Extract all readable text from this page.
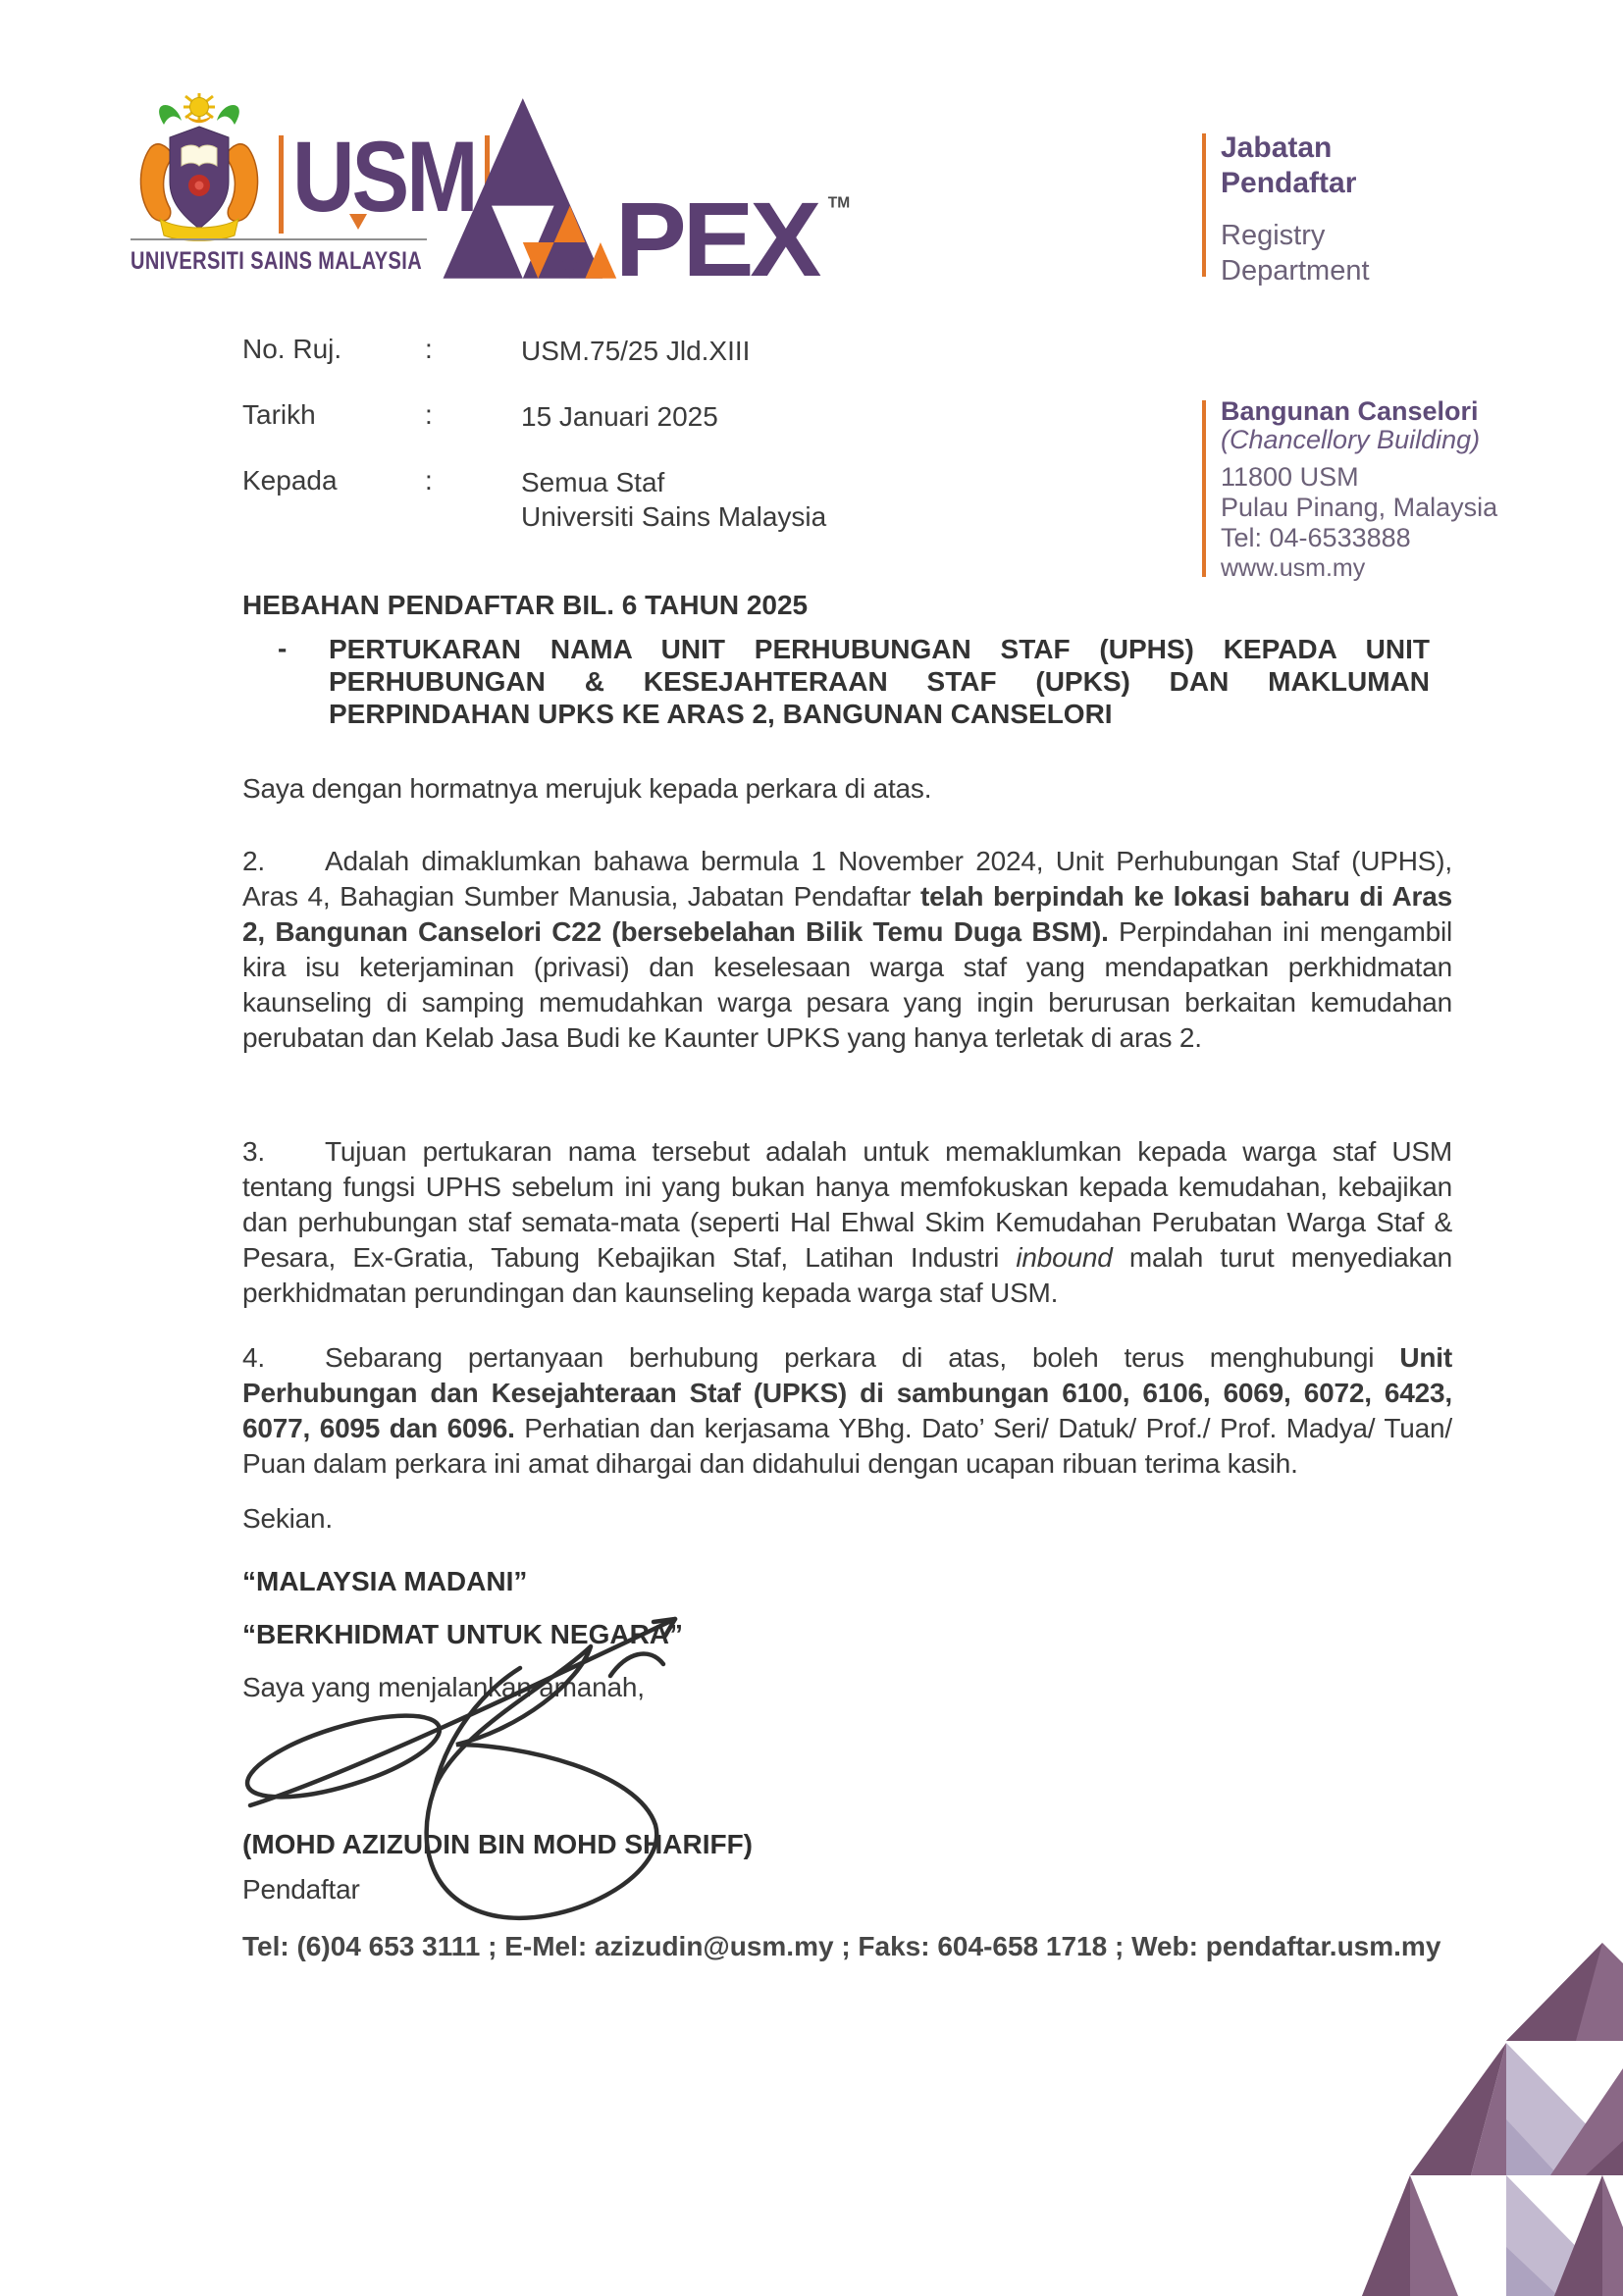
USM
UNIVERSITI SAINS MALAYSIA PEX TM
Jabatan
Pendaftar
Registry
Department
No. Ruj.	:	USM.75/25 Jld.XIII
Tarikh	:	15 Januari 2025
Kepada	:	Semua Staf
Universiti Sains Malaysia
Bangunan Canselori
(Chancellory Building)
11800 USM
Pulau Pinang, Malaysia
Tel: 04-6533888
www.usm.my
HEBAHAN PENDAFTAR BIL. 6 TAHUN 2025
- PERTUKARAN NAMA UNIT PERHUBUNGAN STAF (UPHS) KEPADA UNIT PERHUBUNGAN & KESEJAHTERAAN STAF (UPKS) DAN MAKLUMAN PERPINDAHAN UPKS KE ARAS 2, BANGUNAN CANSELORI
Saya dengan hormatnya merujuk kepada perkara di atas.
2. Adalah dimaklumkan bahawa bermula 1 November 2024, Unit Perhubungan Staf (UPHS), Aras 4, Bahagian Sumber Manusia, Jabatan Pendaftar telah berpindah ke lokasi baharu di Aras 2, Bangunan Canselori C22 (bersebelahan Bilik Temu Duga BSM). Perpindahan ini mengambil kira isu keterjaminan (privasi) dan keselesaan warga staf yang mendapatkan perkhidmatan kaunseling di samping memudahkan warga pesara yang ingin berurusan berkaitan kemudahan perubatan dan Kelab Jasa Budi ke Kaunter UPKS yang hanya terletak di aras 2.
3. Tujuan pertukaran nama tersebut adalah untuk memaklumkan kepada warga staf USM tentang fungsi UPHS sebelum ini yang bukan hanya memfokuskan kepada kemudahan, kebajikan dan perhubungan staf semata-mata (seperti Hal Ehwal Skim Kemudahan Perubatan Warga Staf & Pesara, Ex-Gratia, Tabung Kebajikan Staf, Latihan Industri inbound malah turut menyediakan perkhidmatan perundingan dan kaunseling kepada warga staf USM.
4. Sebarang pertanyaan berhubung perkara di atas, boleh terus menghubungi Unit Perhubungan dan Kesejahteraan Staf (UPKS) di sambungan 6100, 6106, 6069, 6072, 6423, 6077, 6095 dan 6096. Perhatian dan kerjasama YBhg. Dato’ Seri/ Datuk/ Prof./ Prof. Madya/ Tuan/ Puan dalam perkara ini amat dihargai dan didahului dengan ucapan ribuan terima kasih.
Sekian.
“MALAYSIA MADANI”
“BERKHIDMAT UNTUK NEGARA”
Saya yang menjalankan amanah,
(MOHD AZIZUDIN BIN MOHD SHARIFF)
Pendaftar
Tel: (6)04 653 3111 ; E-Mel: azizudin@usm.my ; Faks: 604-658 1718 ; Web: pendaftar.usm.my
